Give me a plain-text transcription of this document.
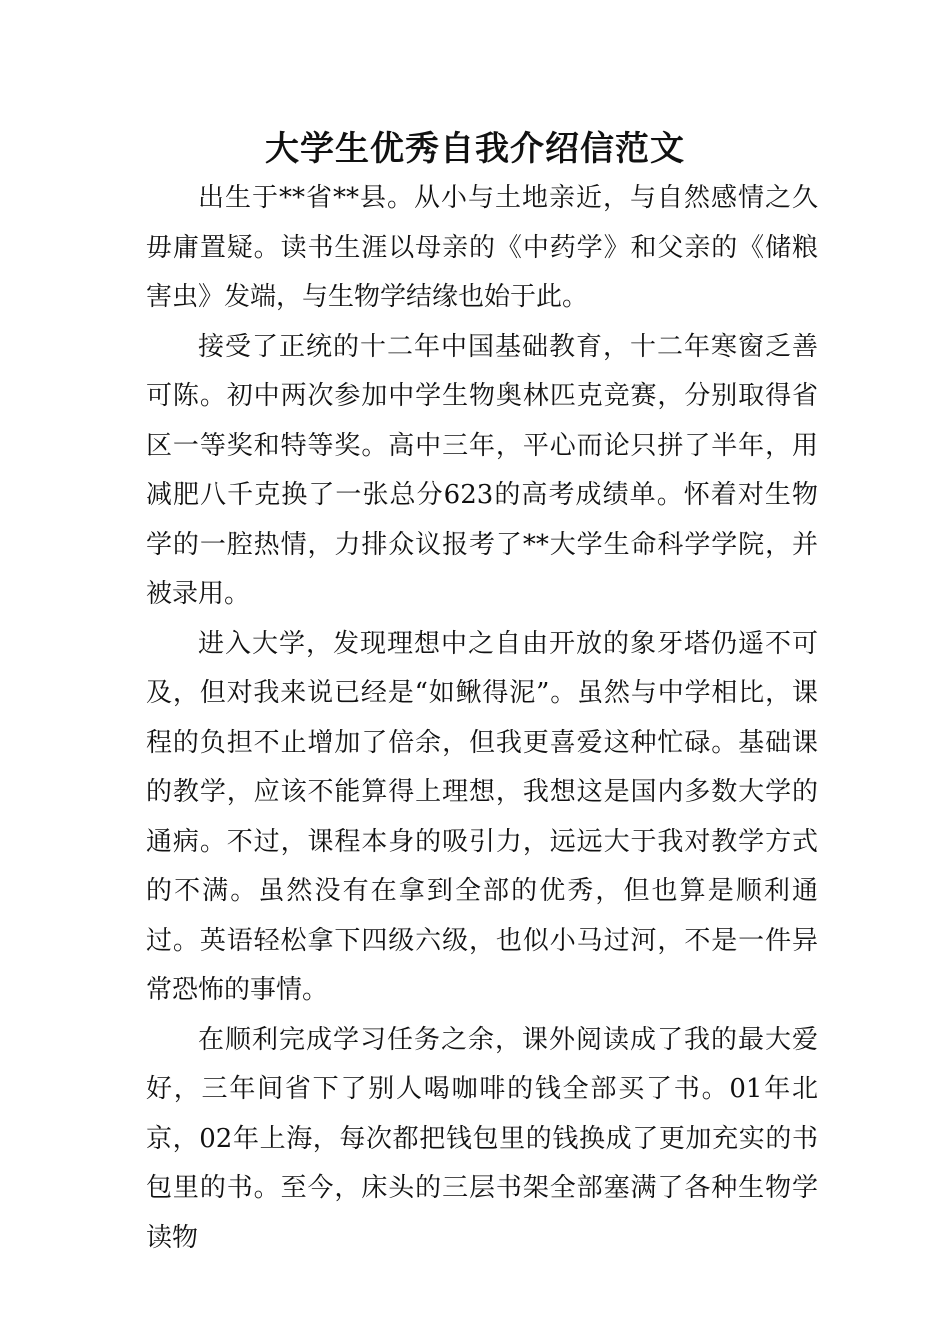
大学生优秀自我介绍信范文

出生于**省**县。从小与土地亲近，与自然感情之久毋庸置疑。读书生涯以母亲的《中药学》和父亲的《储粮害虫》发端，与生物学结缘也始于此。

接受了正统的十二年中国基础教育，十二年寒窗乏善可陈。初中两次参加中学生物奥林匹克竞赛，分别取得省区一等奖和特等奖。高中三年，平心而论只拼了半年，用减肥八千克换了一张总分623的高考成绩单。怀着对生物学的一腔热情，力排众议报考了**大学生命科学学院，并被录用。

进入大学，发现理想中之自由开放的象牙塔仍遥不可及，但对我来说已经是“如鳅得泥”。虽然与中学相比，课程的负担不止增加了倍余，但我更喜爱这种忙碌。基础课的教学，应该不能算得上理想，我想这是国内多数大学的通病。不过，课程本身的吸引力，远远大于我对教学方式的不满。虽然没有在拿到全部的优秀，但也算是顺利通过。英语轻松拿下四级六级，也似小马过河，不是一件异常恐怖的事情。

在顺利完成学习任务之余，课外阅读成了我的最大爱好，三年间省下了别人喝咖啡的钱全部买了书。01年北京，02年上海，每次都把钱包里的钱换成了更加充实的书包里的书。至今，床头的三层书架全部塞满了各种生物学读物
